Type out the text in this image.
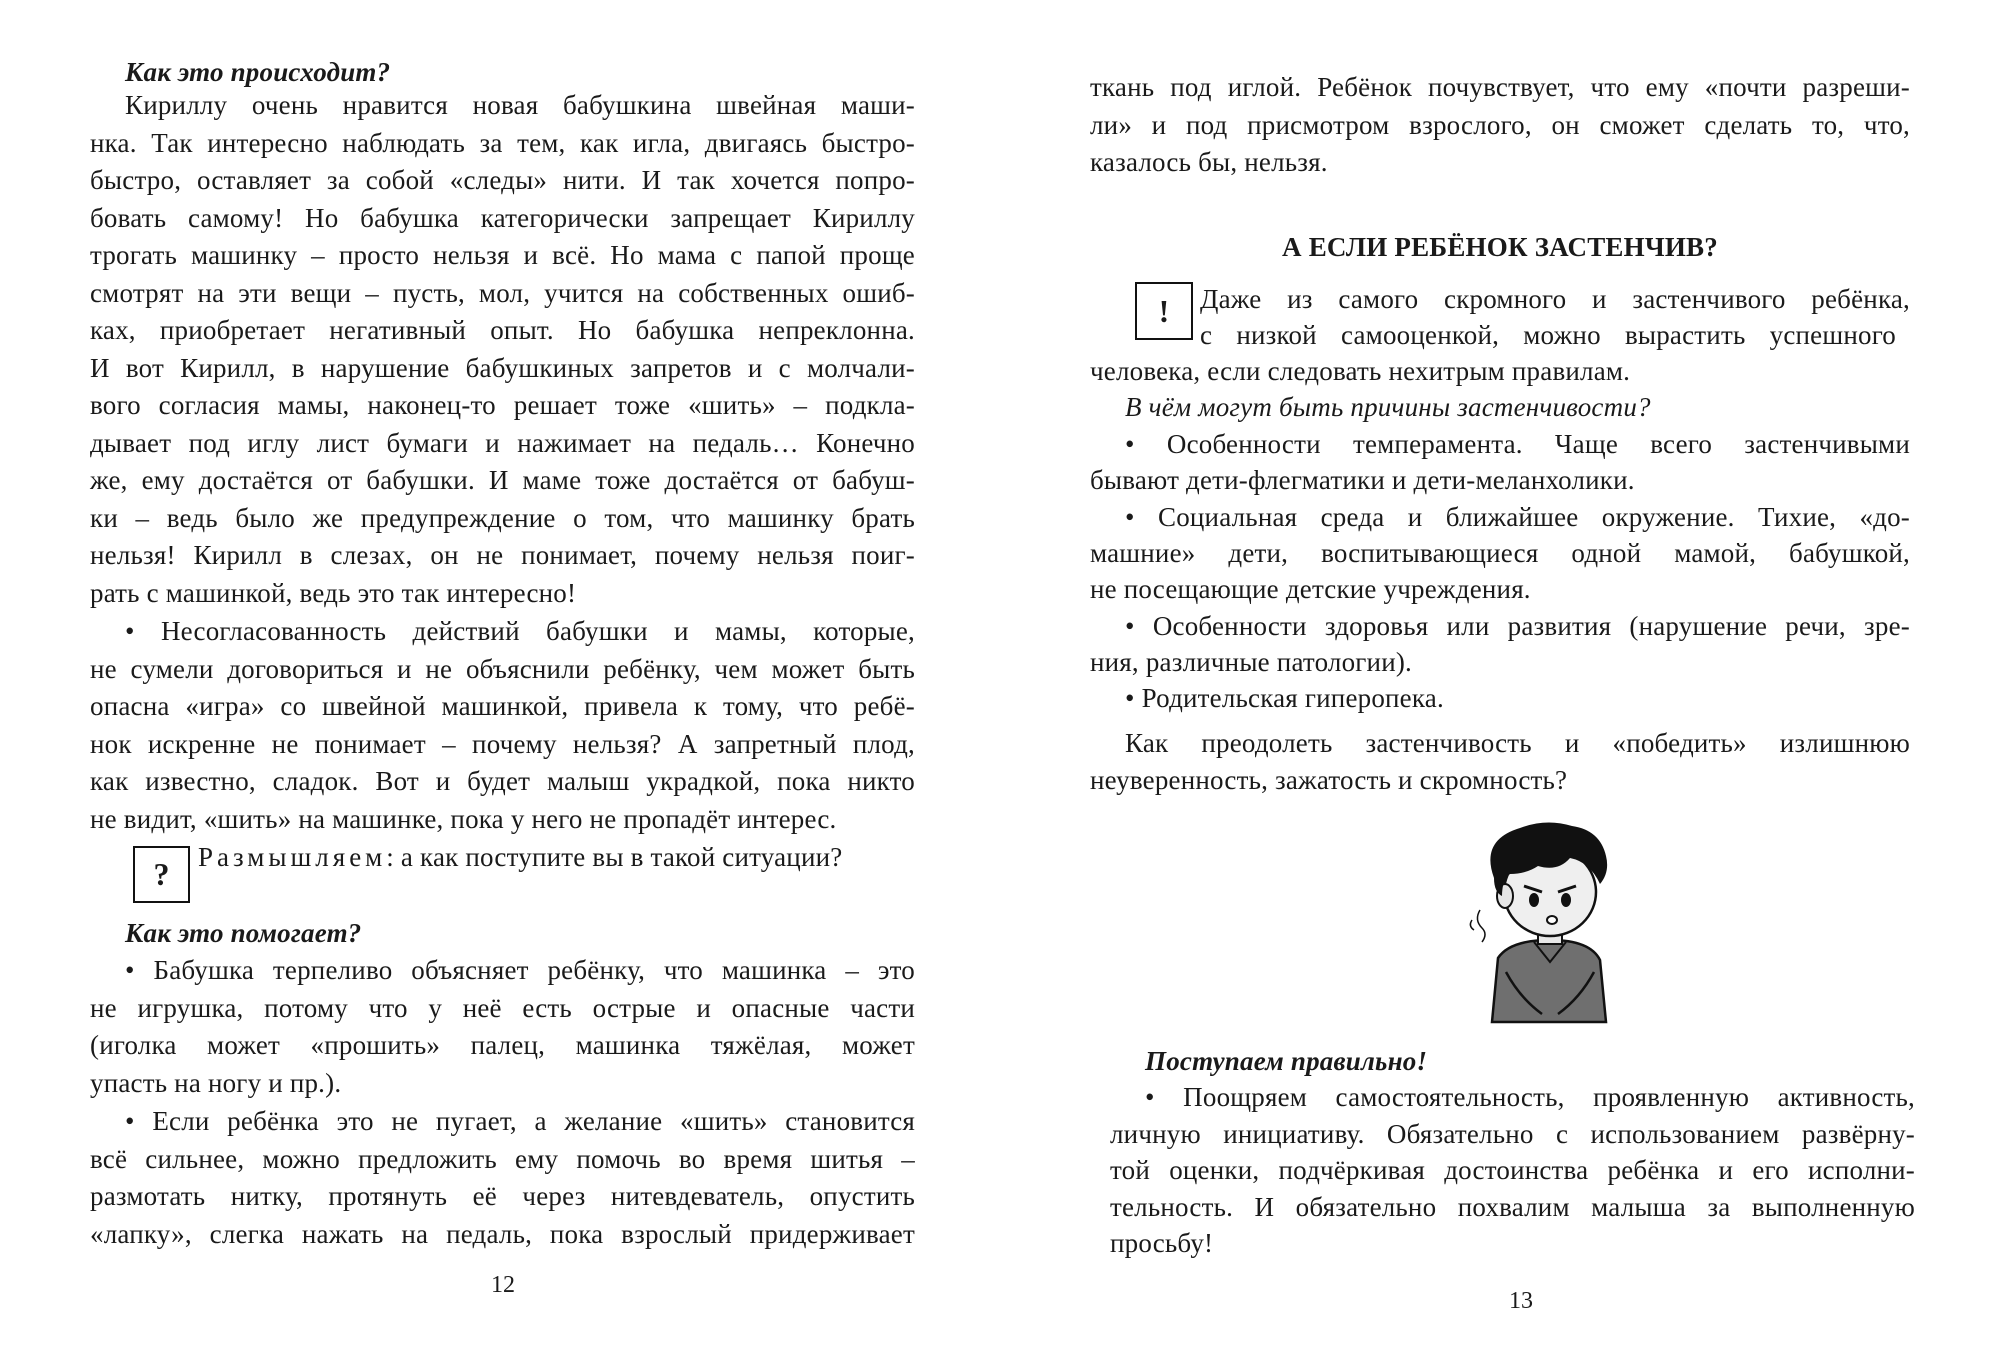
Как это происходит?

Кириллу очень нравится новая бабушкина швейная маши-

нка. Так интересно наблюдать за тем, как игла, двигаясь быстро-

быстро, оставляет за собой «следы» нити. И так хочется попро-

бовать самому! Но бабушка категорически запрещает Кириллу

трогать машинку – просто нельзя и всё. Но мама с папой проще

смотрят на эти вещи – пусть, мол, учится на собственных ошиб-

ках, приобретает негативный опыт. Но бабушка непреклонна.

И вот Кирилл, в нарушение бабушкиных запретов и с молчали-

вого согласия мамы, наконец-то решает тоже «шить» – подкла-

дывает под иглу лист бумаги и нажимает на педаль… Конечно

же, ему достаётся от бабушки. И маме тоже достаётся от бабуш-

ки – ведь было же предупреждение о том, что машинку брать

нельзя! Кирилл в слезах, он не понимает, почему нельзя поиг-

рать с машинкой, ведь это так интересно!

• Несогласованность действий бабушки и мамы, которые,

не сумели договориться и не объяснили ребёнку, чем может быть

опасна «игра» со швейной машинкой, привела к тому, что ребё-

нок искренне не понимает – почему нельзя? А запретный плод,

как известно, сладок. Вот и будет малыш украдкой, пока никто

не видит, «шить» на машинке, пока у него не пропадёт интерес.

?	Размышляем: а как поступите вы в такой ситуации?

Как это помогает?

• Бабушка терпеливо объясняет ребёнку, что машинка – это

не игрушка, потому что у неё есть острые и опасные части

(иголка может «прошить» палец, машинка тяжёлая, может

упасть на ногу и пр.).

• Если ребёнка это не пугает, а желание «шить» становится

всё сильнее, можно предложить ему помочь во время шитья –

размотать нитку, протянуть её через нитевдеватель, опустить

«лапку», слегка нажать на педаль, пока взрослый придерживает

12

ткань под иглой. Ребёнок почувствует, что ему «почти разреши-

ли» и под присмотром взрослого, он сможет сделать то, что,

казалось бы, нельзя.

А ЕСЛИ РЕБЁНОК ЗАСТЕНЧИВ?

!	Даже из самого скромного и застенчивого ребёнка,

с низкой самооценкой, можно вырастить успешного

человека, если следовать нехитрым правилам.

В чём могут быть причины застенчивости?

• Особенности темперамента. Чаще всего застенчивыми

бывают дети-флегматики и дети-меланхолики.

• Социальная среда и ближайшее окружение. Тихие, «до-

машние» дети, воспитывающиеся одной мамой, бабушкой,

не посещающие детские учреждения.

• Особенности здоровья или развития (нарушение речи, зре-

ния, различные патологии).

• Родительская гиперопека.

Как преодолеть застенчивость и «победить» излишнюю

неуверенность, зажатость и скромность?

Поступаем правильно!

• Поощряем самостоятельность, проявленную активность,

личную инициативу. Обязательно с использованием развёрну-

той оценки, подчёркивая достоинства ребёнка и его исполни-

тельность. И обязательно похвалим малыша за выполненную

просьбу!

13
